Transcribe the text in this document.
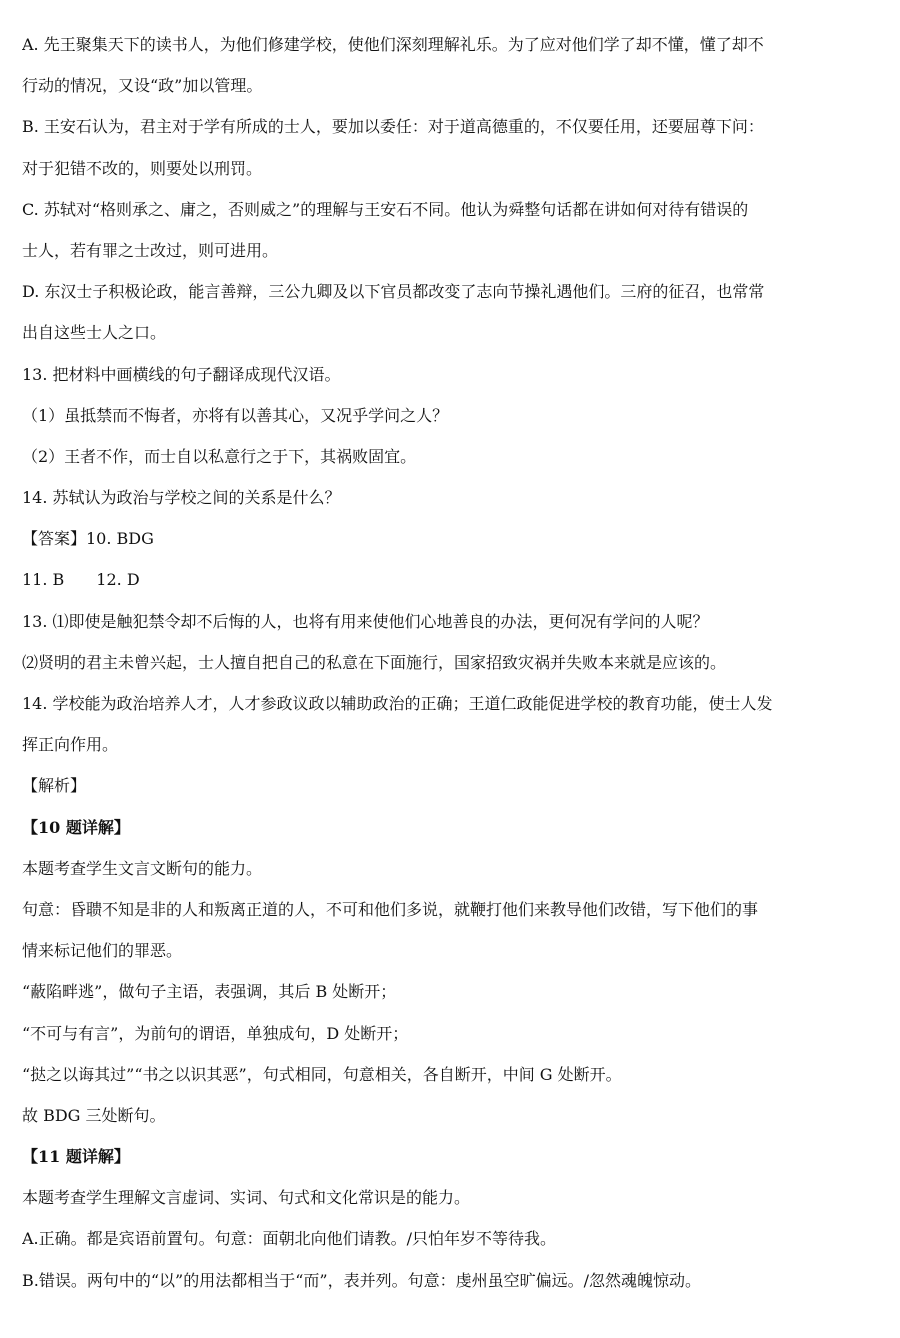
A. 先王聚集天下的读书人，为他们修建学校，使他们深刻理解礼乐。为了应对他们学了却不懂，懂了却不
行动的情况，又设“政”加以管理。
B. 王安石认为，君主对于学有所成的士人，要加以委任：对于道高德重的，不仅要任用，还要屈尊下问：
对于犯错不改的，则要处以刑罚。
C. 苏轼对“格则承之、庸之，否则威之”的理解与王安石不同。他认为舜整句话都在讲如何对待有错误的
士人，若有罪之士改过，则可进用。
D. 东汉士子积极论政，能言善辩，三公九卿及以下官员都改变了志向节操礼遇他们。三府的征召，也常常
出自这些士人之口。
13. 把材料中画横线的句子翻译成现代汉语。
（1）虽抵禁而不悔者，亦将有以善其心，又况乎学问之人？
（2）王者不作，而士自以私意行之于下，其祸败固宜。
14. 苏轼认为政治与学校之间的关系是什么？
【答案】10. BDG
11. B　　12. D
13. ⑴即使是触犯禁令却不后悔的人，也将有用来使他们心地善良的办法，更何况有学问的人呢？
⑵贤明的君主未曾兴起，士人擅自把自己的私意在下面施行，国家招致灾祸并失败本来就是应该的。
14. 学校能为政治培养人才，人才参政议政以辅助政治的正确；王道仁政能促进学校的教育功能，使士人发
挥正向作用。
【解析】
【10 题详解】
本题考查学生文言文断句的能力。
句意：昏聩不知是非的人和叛离正道的人，不可和他们多说，就鞭打他们来教导他们改错，写下他们的事
情来标记他们的罪恶。
“蔽陷畔逃”，做句子主语，表强调，其后 B 处断开；
“不可与有言”，为前句的谓语，单独成句，D 处断开；
“挞之以诲其过”“书之以识其恶”，句式相同，句意相关，各自断开，中间 G 处断开。
故 BDG 三处断句。
【11 题详解】
本题考查学生理解文言虚词、实词、句式和文化常识是的能力。
A.正确。都是宾语前置句。句意：面朝北向他们请教。/只怕年岁不等待我。
B.错误。两句中的“以”的用法都相当于“而”，表并列。句意：虔州虽空旷偏远。/忽然魂魄惊动。
